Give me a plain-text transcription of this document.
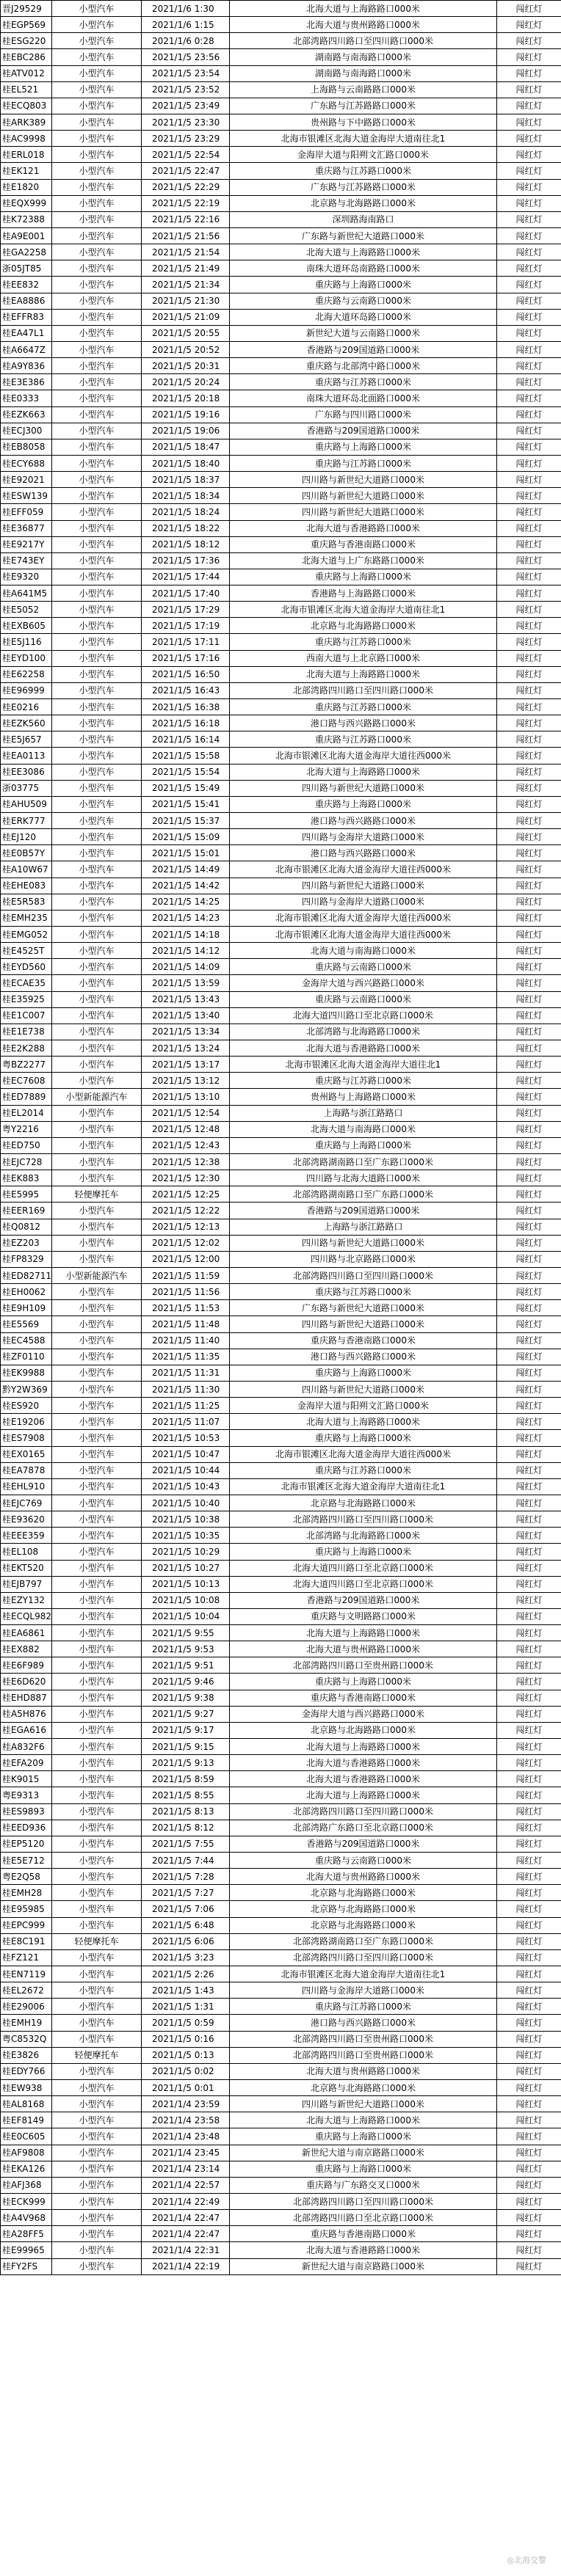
晋J29529	小型汽车	2021/1/6 1:30	北海大道与上海路路口000米	闯红灯
桂EGP569	小型汽车	2021/1/6 1:15	北海大道与贵州路路口000米	闯红灯
桂ESG220	小型汽车	2021/1/6 0:28	北部湾路四川路口至四川路口000米	闯红灯
桂EBC286	小型汽车	2021/1/5 23:56	湖南路与南海路口000米	闯红灯
桂ATV012	小型汽车	2021/1/5 23:54	湖南路与南海路口000米	闯红灯
桂EL521	小型汽车	2021/1/5 23:52	上海路与云南路路口000米	闯红灯
桂ECQ803	小型汽车	2021/1/5 23:49	广东路与江苏路路口000米	闯红灯
桂ARK389	小型汽车	2021/1/5 23:30	贵州路与下中路路口000米	闯红灯
桂AC9998	小型汽车	2021/1/5 23:29	北海市银滩区北海大道金海岸大道南往北1	闯红灯
桂ERL018	小型汽车	2021/1/5 22:54	金海岸大道与阳朔文汇路口000米	闯红灯
桂EK121	小型汽车	2021/1/5 22:47	重庆路与江苏路口000米	闯红灯
桂E1820	小型汽车	2021/1/5 22:29	广东路与江苏路路口000米	闯红灯
桂EQX999	小型汽车	2021/1/5 22:19	北京路与北海路路口000米	闯红灯
桂K72388	小型汽车	2021/1/5 22:16	深圳路海南路口	闯红灯
桂A9E001	小型汽车	2021/1/5 21:56	广东路与新世纪大道路口000米	闯红灯
桂GA2258	小型汽车	2021/1/5 21:54	北海大道与上海路路口000米	闯红灯
浙05JT85	小型汽车	2021/1/5 21:49	南珠大道环岛南路路口000米	闯红灯
桂EE832	小型汽车	2021/1/5 21:34	重庆路与上海路口000米	闯红灯
桂EA8886	小型汽车	2021/1/5 21:30	重庆路与云南路口000米	闯红灯
桂EFFR83	小型汽车	2021/1/5 21:09	北海大道环岛路口000米	闯红灯
桂EA47L1	小型汽车	2021/1/5 20:55	新世纪大道与云南路口000米	闯红灯
桂A6647Z	小型汽车	2021/1/5 20:52	香港路与209国道路口000米	闯红灯
桂A9Y836	小型汽车	2021/1/5 20:31	重庆路与北部湾中路口000米	闯红灯
桂E3E386	小型汽车	2021/1/5 20:24	重庆路与江苏路口000米	闯红灯
桂E0333	小型汽车	2021/1/5 20:18	南珠大道环岛北面路口000米	闯红灯
桂EZK663	小型汽车	2021/1/5 19:16	广东路与四川路口000米	闯红灯
桂ECJ300	小型汽车	2021/1/5 19:06	香港路与209国道路口000米	闯红灯
桂EB8058	小型汽车	2021/1/5 18:47	重庆路与上海路口000米	闯红灯
桂ECY688	小型汽车	2021/1/5 18:40	重庆路与江苏路口000米	闯红灯
桂E92021	小型汽车	2021/1/5 18:37	四川路与新世纪大道路口000米	闯红灯
桂ESW139	小型汽车	2021/1/5 18:34	四川路与新世纪大道路口000米	闯红灯
桂EFF059	小型汽车	2021/1/5 18:24	四川路与新世纪大道路口000米	闯红灯
桂E36877	小型汽车	2021/1/5 18:22	北海大道与香港路路口000米	闯红灯
桂E9217Y	小型汽车	2021/1/5 18:12	重庆路与香港南路口000米	闯红灯
桂E743EY	小型汽车	2021/1/5 17:36	北海大道与上广东路路口000米	闯红灯
桂E9320	小型汽车	2021/1/5 17:44	重庆路与上海路口000米	闯红灯
桂A641M5	小型汽车	2021/1/5 17:40	香港路与上海路路口000米	闯红灯
桂E5052	小型汽车	2021/1/5 17:29	北海市银滩区北海大道金海岸大道南往北1	闯红灯
桂EXB605	小型汽车	2021/1/5 17:19	北京路与北海路路口000米	闯红灯
桂E5J116	小型汽车	2021/1/5 17:11	重庆路与江苏路口000米	闯红灯
桂EYD100	小型汽车	2021/1/5 17:16	西南大道与上北京路口000米	闯红灯
桂E62258	小型汽车	2021/1/5 16:50	北海大道与上海路路口000米	闯红灯
桂E96999	小型汽车	2021/1/5 16:43	北部湾路四川路口至四川路口000米	闯红灯
桂E0216	小型汽车	2021/1/5 16:38	重庆路与江苏路口000米	闯红灯
桂EZK560	小型汽车	2021/1/5 16:18	港口路与西兴路路口000米	闯红灯
桂E5J657	小型汽车	2021/1/5 16:14	重庆路与江苏路口000米	闯红灯
桂EA0113	小型汽车	2021/1/5 15:58	北海市银滩区北海大道金海岸大道往西000米	闯红灯
桂EE3086	小型汽车	2021/1/5 15:54	北海大道与上海路路口000米	闯红灯
浙03775	小型汽车	2021/1/5 15:49	四川路与新世纪大道路口000米	闯红灯
桂AHU509	小型汽车	2021/1/5 15:41	重庆路与上海路口000米	闯红灯
桂ERK777	小型汽车	2021/1/5 15:37	港口路与西兴路路口000米	闯红灯
桂EJ120	小型汽车	2021/1/5 15:09	四川路与金海岸大道路口000米	闯红灯
桂E0B57Y	小型汽车	2021/1/5 15:01	港口路与西兴路路口000米	闯红灯
桂A10W67	小型汽车	2021/1/5 14:49	北海市银滩区北海大道金海岸大道往西000米	闯红灯
桂EHE083	小型汽车	2021/1/5 14:42	四川路与新世纪大道路口000米	闯红灯
桂E5R583	小型汽车	2021/1/5 14:25	四川路与金海岸大道路口000米	闯红灯
桂EMH235	小型汽车	2021/1/5 14:23	北海市银滩区北海大道金海岸大道往西000米	闯红灯
桂EMG052	小型汽车	2021/1/5 14:18	北海市银滩区北海大道金海岸大道往西000米	闯红灯
桂E4525T	小型汽车	2021/1/5 14:12	北海大道与南海路口000米	闯红灯
桂EYD560	小型汽车	2021/1/5 14:09	重庆路与云南路口000米	闯红灯
桂ECAE35	小型汽车	2021/1/5 13:59	金海岸大道与西兴路路口000米	闯红灯
桂E35925	小型汽车	2021/1/5 13:43	重庆路与云南路口000米	闯红灯
桂E1C007	小型汽车	2021/1/5 13:40	北海大道四川路口至北京路口000米	闯红灯
桂E1E738	小型汽车	2021/1/5 13:34	北部湾路与北海路路口000米	闯红灯
桂E2K288	小型汽车	2021/1/5 13:24	北海大道与香港路路口000米	闯红灯
粤BZ2277	小型汽车	2021/1/5 13:17	北海市银滩区北海大道金海岸大道往北1	闯红灯
桂EC7608	小型汽车	2021/1/5 13:12	重庆路与江苏路口000米	闯红灯
桂ED7889	小型新能源汽车	2021/1/5 13:10	贵州路与上海路路口000米	闯红灯
桂EL2014	小型汽车	2021/1/5 12:54	上海路与浙江路路口	闯红灯
粤Y2216	小型汽车	2021/1/5 12:48	北海大道与南海路口000米	闯红灯
桂ED750	小型汽车	2021/1/5 12:43	重庆路与上海路口000米	闯红灯
桂EJC728	小型汽车	2021/1/5 12:38	北部湾路湖南路口至广东路口000米	闯红灯
桂EK883	小型汽车	2021/1/5 12:30	四川路与北海大道路口000米	闯红灯
桂E5995	轻便摩托车	2021/1/5 12:25	北部湾路湖南路口至广东路口000米	闯红灯
桂EER169	小型汽车	2021/1/5 12:22	香港路与209国道路口000米	闯红灯
桂Q0812	小型汽车	2021/1/5 12:13	上海路与浙江路路口	闯红灯
桂EZ203	小型汽车	2021/1/5 12:02	四川路与新世纪大道路口000米	闯红灯
桂FP8329	小型汽车	2021/1/5 12:00	四川路与北京路路口000米	闯红灯
桂ED82711	小型新能源汽车	2021/1/5 11:59	北部湾路四川路口至四川路口000米	闯红灯
桂EH0062	小型汽车	2021/1/5 11:56	重庆路与江苏路口000米	闯红灯
桂E9H109	小型汽车	2021/1/5 11:53	广东路与新世纪大道路口000米	闯红灯
桂E5569	小型汽车	2021/1/5 11:48	四川路与新世纪大道路口000米	闯红灯
桂EC4588	小型汽车	2021/1/5 11:40	重庆路与香港南路口000米	闯红灯
桂ZF0110	小型汽车	2021/1/5 11:35	港口路与西兴路路口000米	闯红灯
桂EK9988	小型汽车	2021/1/5 11:31	重庆路与上海路口000米	闯红灯
黔Y2W369	小型汽车	2021/1/5 11:30	四川路与新世纪大道路口000米	闯红灯
桂ES920	小型汽车	2021/1/5 11:25	金海岸大道与阳朔文汇路口000米	闯红灯
桂E19206	小型汽车	2021/1/5 11:07	北海大道与上海路路口000米	闯红灯
桂ES7908	小型汽车	2021/1/5 10:53	重庆路与上海路口000米	闯红灯
桂EX0165	小型汽车	2021/1/5 10:47	北海市银滩区北海大道金海岸大道往西000米	闯红灯
桂EA7878	小型汽车	2021/1/5 10:44	重庆路与江苏路口000米	闯红灯
桂EHL910	小型汽车	2021/1/5 10:43	北海市银滩区北海大道金海岸大道南往北1	闯红灯
桂EJC769	小型汽车	2021/1/5 10:40	北京路与北海路路口000米	闯红灯
桂E93620	小型汽车	2021/1/5 10:38	北部湾路四川路口至四川路口000米	闯红灯
桂EEE359	小型汽车	2021/1/5 10:35	北部湾路与北海路路口000米	闯红灯
桂EL108	小型汽车	2021/1/5 10:29	重庆路与上海路口000米	闯红灯
桂EKT520	小型汽车	2021/1/5 10:27	北海大道四川路口至北京路口000米	闯红灯
桂EJB797	小型汽车	2021/1/5 10:13	北海大道四川路口至北京路口000米	闯红灯
桂EZY132	小型汽车	2021/1/5 10:08	香港路与209国道路口000米	闯红灯
桂ECQL982	小型汽车	2021/1/5 10:04	重庆路与文明路路口000米	闯红灯
桂EA6861	小型汽车	2021/1/5 9:55	北海大道与上海路路口000米	闯红灯
桂EX882	小型汽车	2021/1/5 9:53	北海大道与贵州路路口000米	闯红灯
桂E6F989	小型汽车	2021/1/5 9:51	北部湾路四川路口至贵州路口000米	闯红灯
桂E6D620	小型汽车	2021/1/5 9:46	重庆路与上海路口000米	闯红灯
桂EHD887	小型汽车	2021/1/5 9:38	重庆路与香港南路口000米	闯红灯
桂A5H876	小型汽车	2021/1/5 9:27	金海岸大道与西兴路路口000米	闯红灯
桂EGA616	小型汽车	2021/1/5 9:17	北京路与北海路路口000米	闯红灯
桂A832F6	小型汽车	2021/1/5 9:15	北海大道与上海路路口000米	闯红灯
桂EFA209	小型汽车	2021/1/5 9:13	北海大道与香港路路口000米	闯红灯
桂K9015	小型汽车	2021/1/5 8:59	北海大道与香港路路口000米	闯红灯
粤E9313	小型汽车	2021/1/5 8:55	北海大道与上海路路口000米	闯红灯
桂ES9893	小型汽车	2021/1/5 8:13	北部湾路四川路口至四川路口000米	闯红灯
桂EED936	小型汽车	2021/1/5 8:12	北部湾路广东路口至北京路口000米	闯红灯
桂EP5120	小型汽车	2021/1/5 7:55	香港路与209国道路口000米	闯红灯
桂E5E712	小型汽车	2021/1/5 7:44	重庆路与云南路口000米	闯红灯
粤E2Q58	小型汽车	2021/1/5 7:28	北海大道与贵州路路口000米	闯红灯
桂EMH28	小型汽车	2021/1/5 7:27	北京路与北海路路口000米	闯红灯
桂E95985	小型汽车	2021/1/5 7:06	北京路与北海路路口000米	闯红灯
桂EPC999	小型汽车	2021/1/5 6:48	北京路与北海路路口000米	闯红灯
桂E8C191	轻便摩托车	2021/1/5 6:06	北部湾路湖南路口至广东路口000米	闯红灯
桂FZ121	小型汽车	2021/1/5 3:23	北部湾路四川路口至四川路口000米	闯红灯
桂EN7119	小型汽车	2021/1/5 2:26	北海市银滩区北海大道金海岸大道南往北1	闯红灯
桂EL2672	小型汽车	2021/1/5 1:43	四川路与金海岸大道路口000米	闯红灯
桂E29006	小型汽车	2021/1/5 1:31	重庆路与江苏路口000米	闯红灯
桂EMH19	小型汽车	2021/1/5 0:59	港口路与西兴路路口000米	闯红灯
粤C8532Q	小型汽车	2021/1/5 0:16	北部湾路四川路口至贵州路口000米	闯红灯
桂E3826	轻便摩托车	2021/1/5 0:13	北部湾路四川路口至贵州路口000米	闯红灯
桂EDY766	小型汽车	2021/1/5 0:02	北海大道与贵州路路口000米	闯红灯
桂EW938	小型汽车	2021/1/5 0:01	北京路与北海路路口000米	闯红灯
桂AL8168	小型汽车	2021/1/4 23:59	四川路与新世纪大道路口000米	闯红灯
桂EF8149	小型汽车	2021/1/4 23:58	北海大道与上海路路口000米	闯红灯
桂E0C605	小型汽车	2021/1/4 23:48	重庆路与上海路口000米	闯红灯
桂AF9808	小型汽车	2021/1/4 23:45	新世纪大道与南京路路口000米	闯红灯
桂EKA126	小型汽车	2021/1/4 23:14	重庆路与上海路口000米	闯红灯
桂AFJ368	小型汽车	2021/1/4 22:57	重庆路与广东路交叉口000米	闯红灯
桂ECK999	小型汽车	2021/1/4 22:49	北部湾路四川路口至四川路口000米	闯红灯
桂A4V968	小型汽车	2021/1/4 22:47	北部湾路四川路口至北京路口000米	闯红灯
桂A28FF5	小型汽车	2021/1/4 22:47	重庆路与香港南路口000米	闯红灯
桂E99965	小型汽车	2021/1/4 22:31	北海大道与香港路路口000米	闯红灯
桂FY2FS	小型汽车	2021/1/4 22:19	新世纪大道与南京路路口000米	闯红灯
◎北海交警
